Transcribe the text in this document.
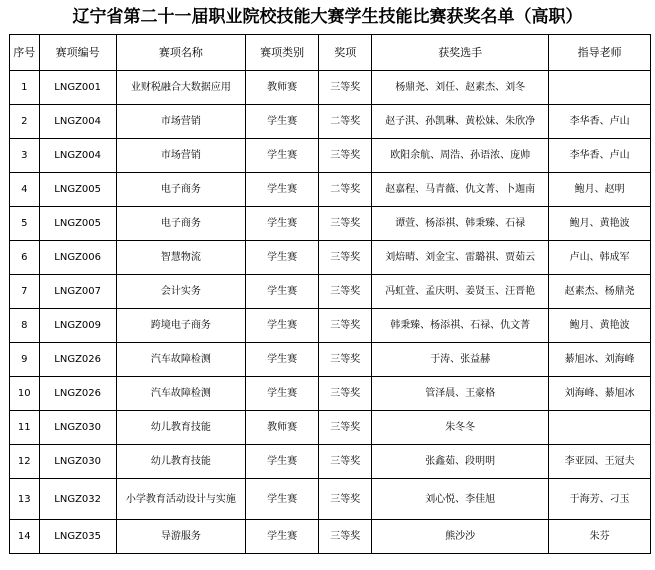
辽宁省第二十一届职业院校技能大赛学生技能比赛获奖名单（高职）
序号	赛项编号	赛项名称	赛项类别	奖项	获奖选手	指导老师
1	LNGZ001	业财税融合大数据应用	教师赛	三等奖	杨鼎尧、刘任、赵素杰、刘冬	
2	LNGZ004	市场营销	学生赛	二等奖	赵子淇、孙凯琳、黄松妹、朱欣净	李华香、卢山
3	LNGZ004	市场营销	学生赛	三等奖	欧阳余航、周浩、孙语浓、庞帅	李华香、卢山
4	LNGZ005	电子商务	学生赛	二等奖	赵嘉程、马青薇、仇文菁、卜迦南	鲍月、赵明
5	LNGZ005	电子商务	学生赛	三等奖	谭萱、杨添祺、韩秉臻、石禄	鲍月、黄艳波
6	LNGZ006	智慧物流	学生赛	三等奖	刘焙晴、刘金宝、雷璐祺、贾茹云	卢山、韩成军
7	LNGZ007	会计实务	学生赛	三等奖	冯虹萱、孟庆明、姜贤玉、汪晋艳	赵素杰、杨鼎尧
8	LNGZ009	跨境电子商务	学生赛	三等奖	韩秉臻、杨添祺、石禄、仇文菁	鲍月、黄艳波
9	LNGZ026	汽车故障检测	学生赛	三等奖	于涛、张益赫	綦旭冰、刘海峰
10	LNGZ026	汽车故障检测	学生赛	三等奖	管泽晨、王豪格	刘海峰、綦旭冰
11	LNGZ030	幼儿教育技能	教师赛	三等奖	朱冬冬	
12	LNGZ030	幼儿教育技能	学生赛	三等奖	张鑫茹、段明明	李亚园、王冠夫
13	LNGZ032	小学教育活动设计与实施	学生赛	三等奖	刘心悦、李佳旭	于海芳、刁玉
14	LNGZ035	导游服务	学生赛	三等奖	熊沙沙	朱芬
